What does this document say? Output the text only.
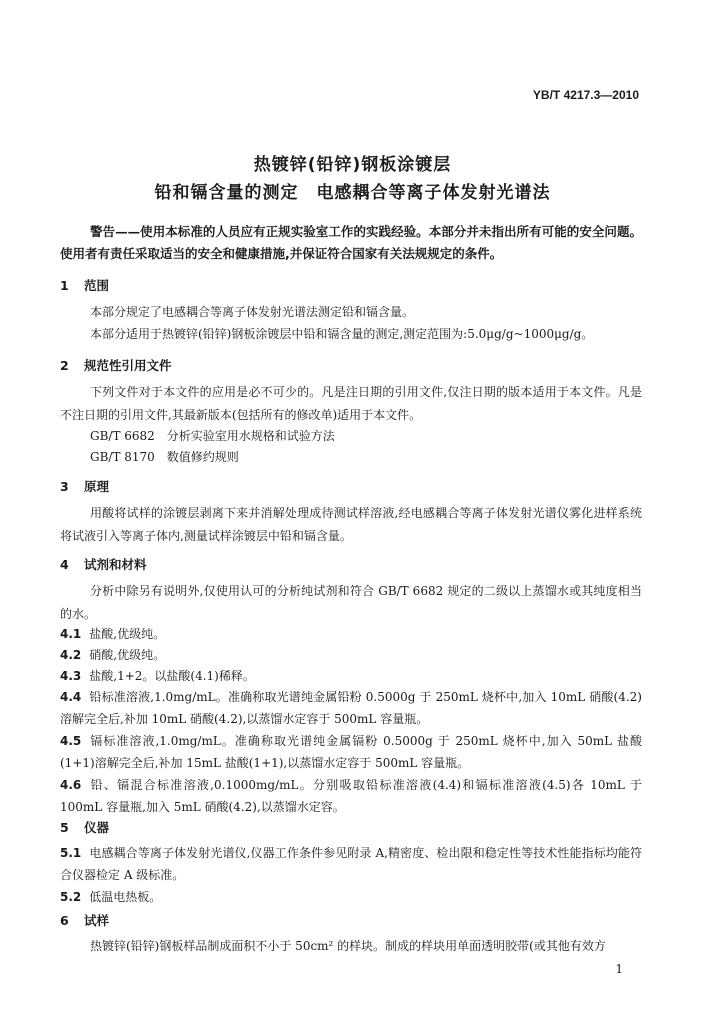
YB/T 4217.3—2010
热镀锌(铅锌)钢板涂镀层
铅和镉含量的测定　电感耦合等离子体发射光谱法
警告——使用本标准的人员应有正规实验室工作的实践经验。本部分并未指出所有可能的安全问题。使用者有责任采取适当的安全和健康措施,并保证符合国家有关法规规定的条件。
1 范围
本部分规定了电感耦合等离子体发射光谱法测定铅和镉含量。
本部分适用于热镀锌(铅锌)钢板涂镀层中铅和镉含量的测定,测定范围为:5.0μg/g~1000μg/g。
2 规范性引用文件
下列文件对于本文件的应用是必不可少的。凡是注日期的引用文件,仅注日期的版本适用于本文件。凡是不注日期的引用文件,其最新版本(包括所有的修改单)适用于本文件。
GB/T 6682　分析实验室用水规格和试验方法
GB/T 8170　数值修约规则
3 原理
用酸将试样的涂镀层剥离下来并消解处理成待测试样溶液,经电感耦合等离子体发射光谱仪雾化进样系统将试液引入等离子体内,测量试样涂镀层中铅和镉含量。
4 试剂和材料
分析中除另有说明外,仅使用认可的分析纯试剂和符合 GB/T 6682 规定的二级以上蒸馏水或其纯度相当的水。
4.1 盐酸,优级纯。
4.2 硝酸,优级纯。
4.3 盐酸,1+2。以盐酸(4.1)稀释。
4.4 铅标准溶液,1.0mg/mL。准确称取光谱纯金属铅粉 0.5000g 于 250mL 烧杯中,加入 10mL 硝酸(4.2)溶解完全后,补加 10mL 硝酸(4.2),以蒸馏水定容于 500mL 容量瓶。
4.5 镉标准溶液,1.0mg/mL。准确称取光谱纯金属镉粉 0.5000g 于 250mL 烧杯中,加入 50mL 盐酸(1+1)溶解完全后,补加 15mL 盐酸(1+1),以蒸馏水定容于 500mL 容量瓶。
4.6 铅、镉混合标准溶液,0.1000mg/mL。分别吸取铅标准溶液(4.4)和镉标准溶液(4.5)各 10mL 于 100mL 容量瓶,加入 5mL 硝酸(4.2),以蒸馏水定容。
5 仪器
5.1 电感耦合等离子体发射光谱仪,仪器工作条件参见附录 A,精密度、检出限和稳定性等技术性能指标均能符合仪器检定 A 级标准。
5.2 低温电热板。
6 试样
热镀锌(铅锌)钢板样品制成面积不小于 50cm² 的样块。制成的样块用单面透明胶带(或其他有效方
1
